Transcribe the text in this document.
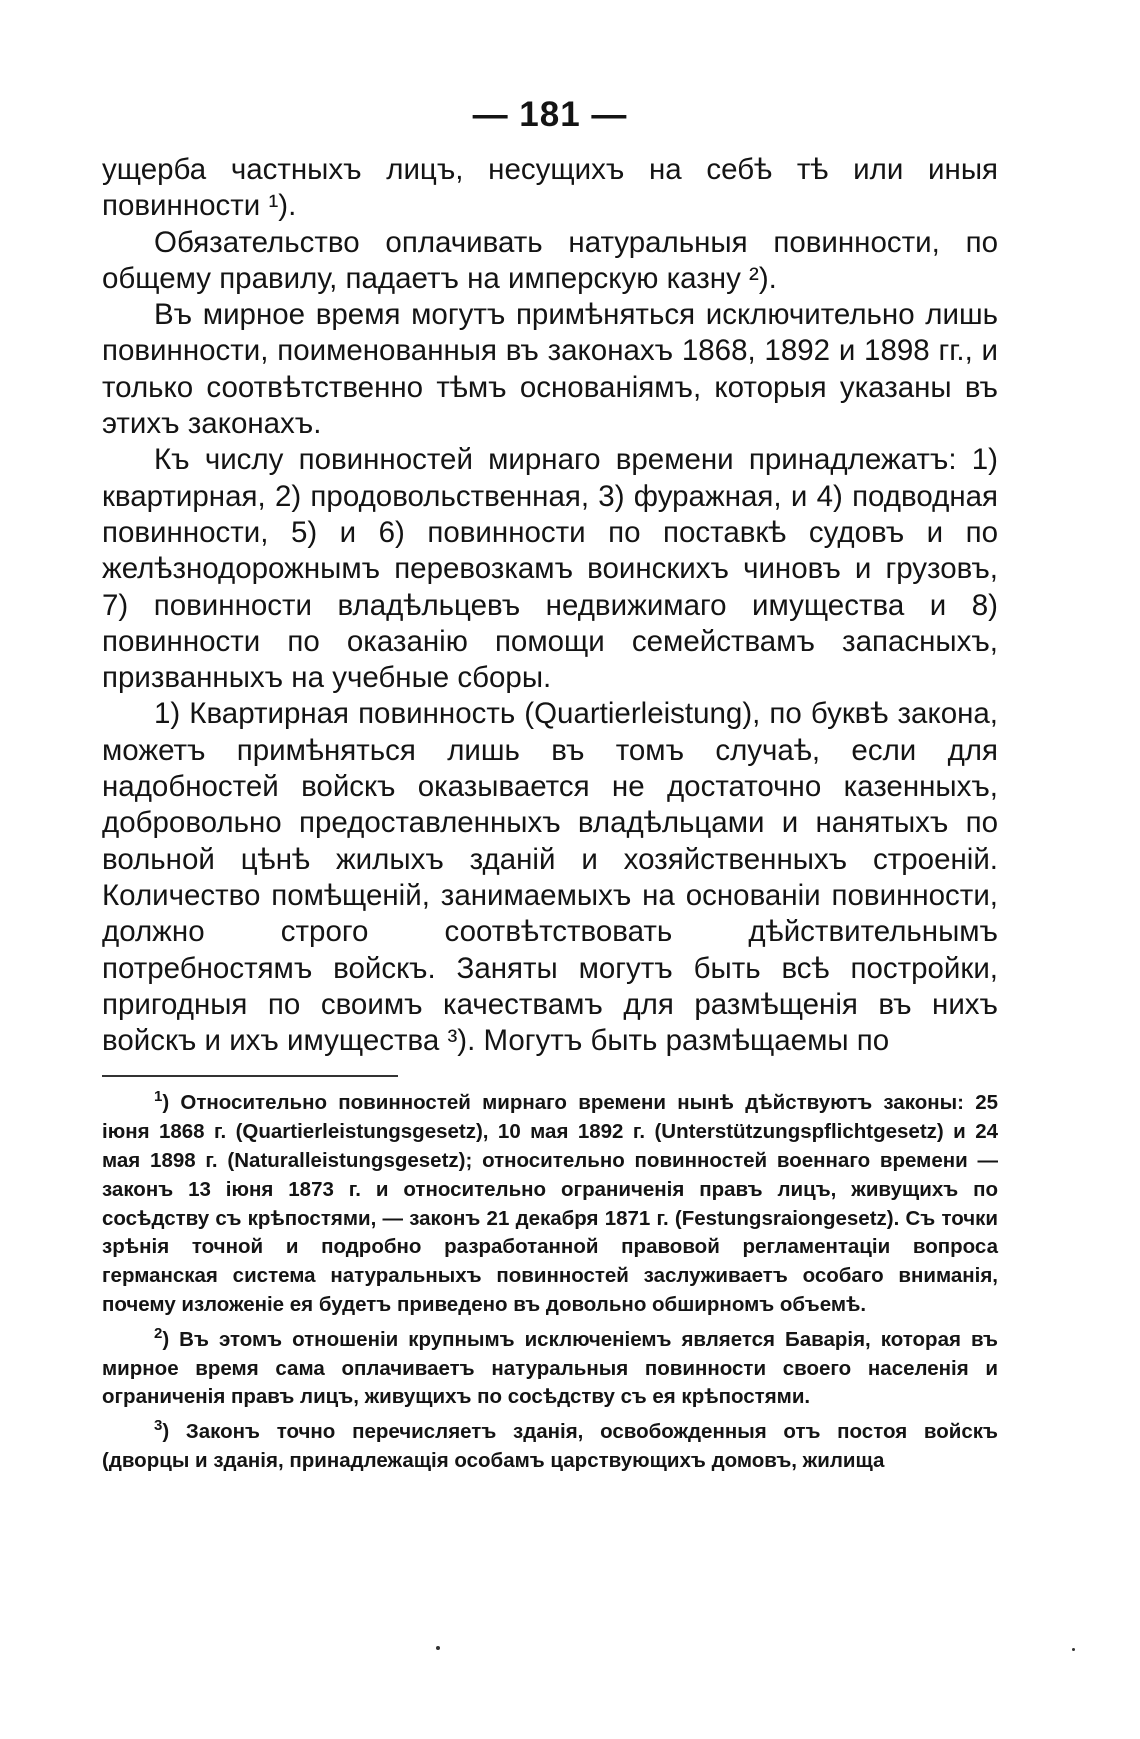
— 181 —

ущерба частныхъ лицъ, несущихъ на себѣ тѣ или иныя повинности ¹).

Обязательство оплачивать натуральныя повинности, по общему правилу, падаетъ на имперскую казну ²).

Въ мирное время могутъ примѣняться исключительно лишь повинности, поименованныя въ законахъ 1868, 1892 и 1898 гг., и только соотвѣтственно тѣмъ основаніямъ, которыя указаны въ этихъ законахъ.

Къ числу повинностей мирнаго времени принадлежатъ: 1) квартирная, 2) продовольственная, 3) фуражная, и 4) подводная повинности, 5) и 6) повинности по поставкѣ судовъ и по желѣзнодорожнымъ перевозкамъ воинскихъ чиновъ и грузовъ, 7) повинности владѣльцевъ недвижимаго имущества и 8) повинности по оказанію помощи семействамъ запасныхъ, призванныхъ на учебные сборы.

1) Квартирная повинность (Quartierleistung), по буквѣ закона, можетъ примѣняться лишь въ томъ случаѣ, если для надобностей войскъ оказывается не достаточно казенныхъ, добровольно предоставленныхъ владѣльцами и нанятыхъ по вольной цѣнѣ жилыхъ зданій и хозяйственныхъ строеній. Количество помѣщеній, занимаемыхъ на основаніи повинности, должно строго соотвѣтствовать дѣйствительнымъ потребностямъ войскъ. Заняты могутъ быть всѣ постройки, пригодныя по своимъ качествамъ для размѣщенія въ нихъ войскъ и ихъ имущества ³). Могутъ быть размѣщаемы по

$^1$) Относительно повинностей мирнаго времени нынѣ дѣйствуютъ законы: 25 іюня 1868 г. (Quartierleistungsgesetz), 10 мая 1892 г. (Unterstützungspflichtgesetz) и 24 мая 1898 г. (Naturalleistungsgesetz); относительно повинностей военнаго времени — законъ 13 іюня 1873 г. и относительно ограниченія правъ лицъ, живущихъ по сосѣдству съ крѣпостями, — законъ 21 декабря 1871 г. (Festungsraiongesetz). Съ точки зрѣнія точной и подробно разработанной правовой регламентаціи вопроса германская система натуральныхъ повинностей заслуживаетъ особаго вниманія, почему изложеніе ея будетъ приведено въ довольно обширномъ объемѣ.

$^2$) Въ этомъ отношеніи крупнымъ исключеніемъ является Баварія, которая въ мирное время сама оплачиваетъ натуральныя повинности своего населенія и ограниченія правъ лицъ, живущихъ по сосѣдству съ ея крѣпостями.

$^3$) Законъ точно перечисляетъ зданія, освобожденныя отъ постоя войскъ (дворцы и зданія, принадлежащія особамъ царствующихъ домовъ, жилища
